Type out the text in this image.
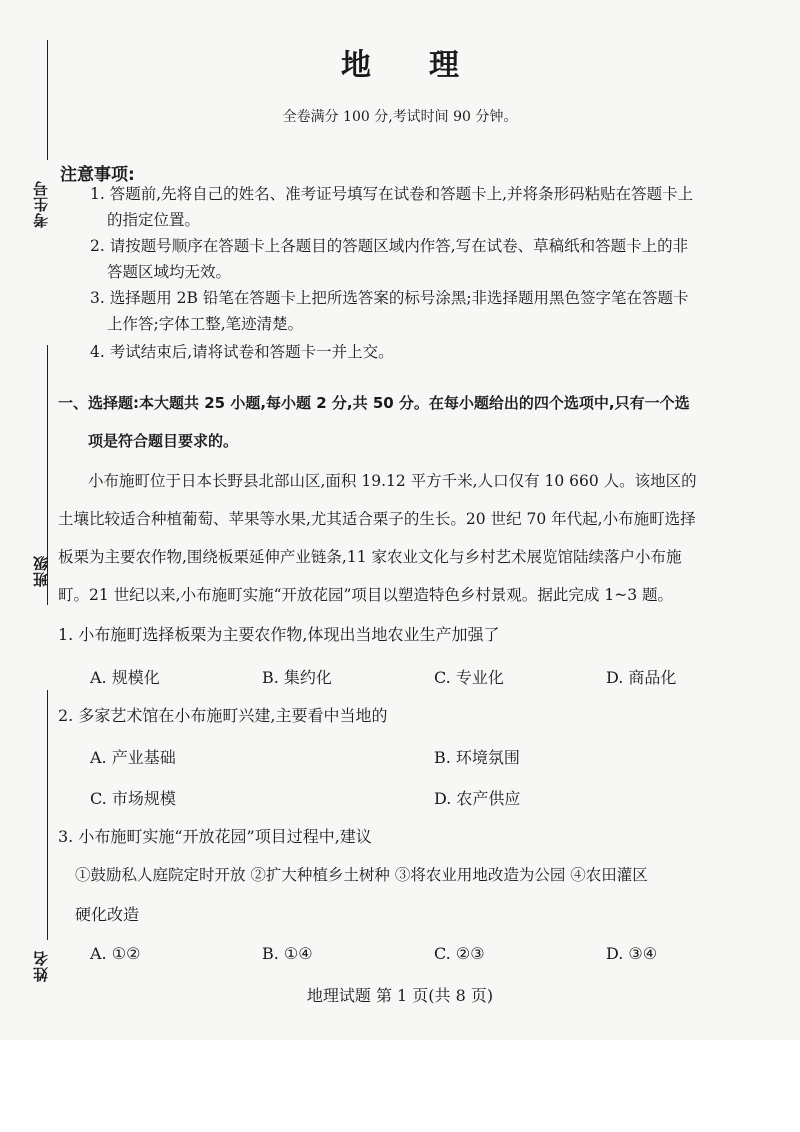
考生号
班级
姓名
地理
全卷满分 100 分,考试时间 90 分钟。
注意事项:
1. 答题前,先将自己的姓名、准考证号填写在试卷和答题卡上,并将条形码粘贴在答题卡上
的指定位置。
2. 请按题号顺序在答题卡上各题目的答题区域内作答,写在试卷、草稿纸和答题卡上的非
答题区域均无效。
3. 选择题用 2B 铅笔在答题卡上把所选答案的标号涂黑;非选择题用黑色签字笔在答题卡
上作答;字体工整,笔迹清楚。
4. 考试结束后,请将试卷和答题卡一并上交。
一、选择题:本大题共 25 小题,每小题 2 分,共 50 分。在每小题给出的四个选项中,只有一个选
项是符合题目要求的。
小布施町位于日本长野县北部山区,面积 19.12 平方千米,人口仅有 10 660 人。该地区的
土壤比较适合种植葡萄、苹果等水果,尤其适合栗子的生长。20 世纪 70 年代起,小布施町选择
板栗为主要农作物,围绕板栗延伸产业链条,11 家农业文化与乡村艺术展览馆陆续落户小布施
町。21 世纪以来,小布施町实施“开放花园”项目以塑造特色乡村景观。据此完成 1~3 题。
1. 小布施町选择板栗为主要农作物,体现出当地农业生产加强了
A. 规模化	B. 集约化	C. 专业化	D. 商品化
2. 多家艺术馆在小布施町兴建,主要看中当地的
A. 产业基础	B. 环境氛围
C. 市场规模	D. 农产供应
3. 小布施町实施“开放花园”项目过程中,建议
①鼓励私人庭院定时开放 ②扩大种植乡土树种 ③将农业用地改造为公园 ④农田灌区
硬化改造
A. ①②	B. ①④	C. ②③	D. ③④
地理试题 第 1 页(共 8 页)
